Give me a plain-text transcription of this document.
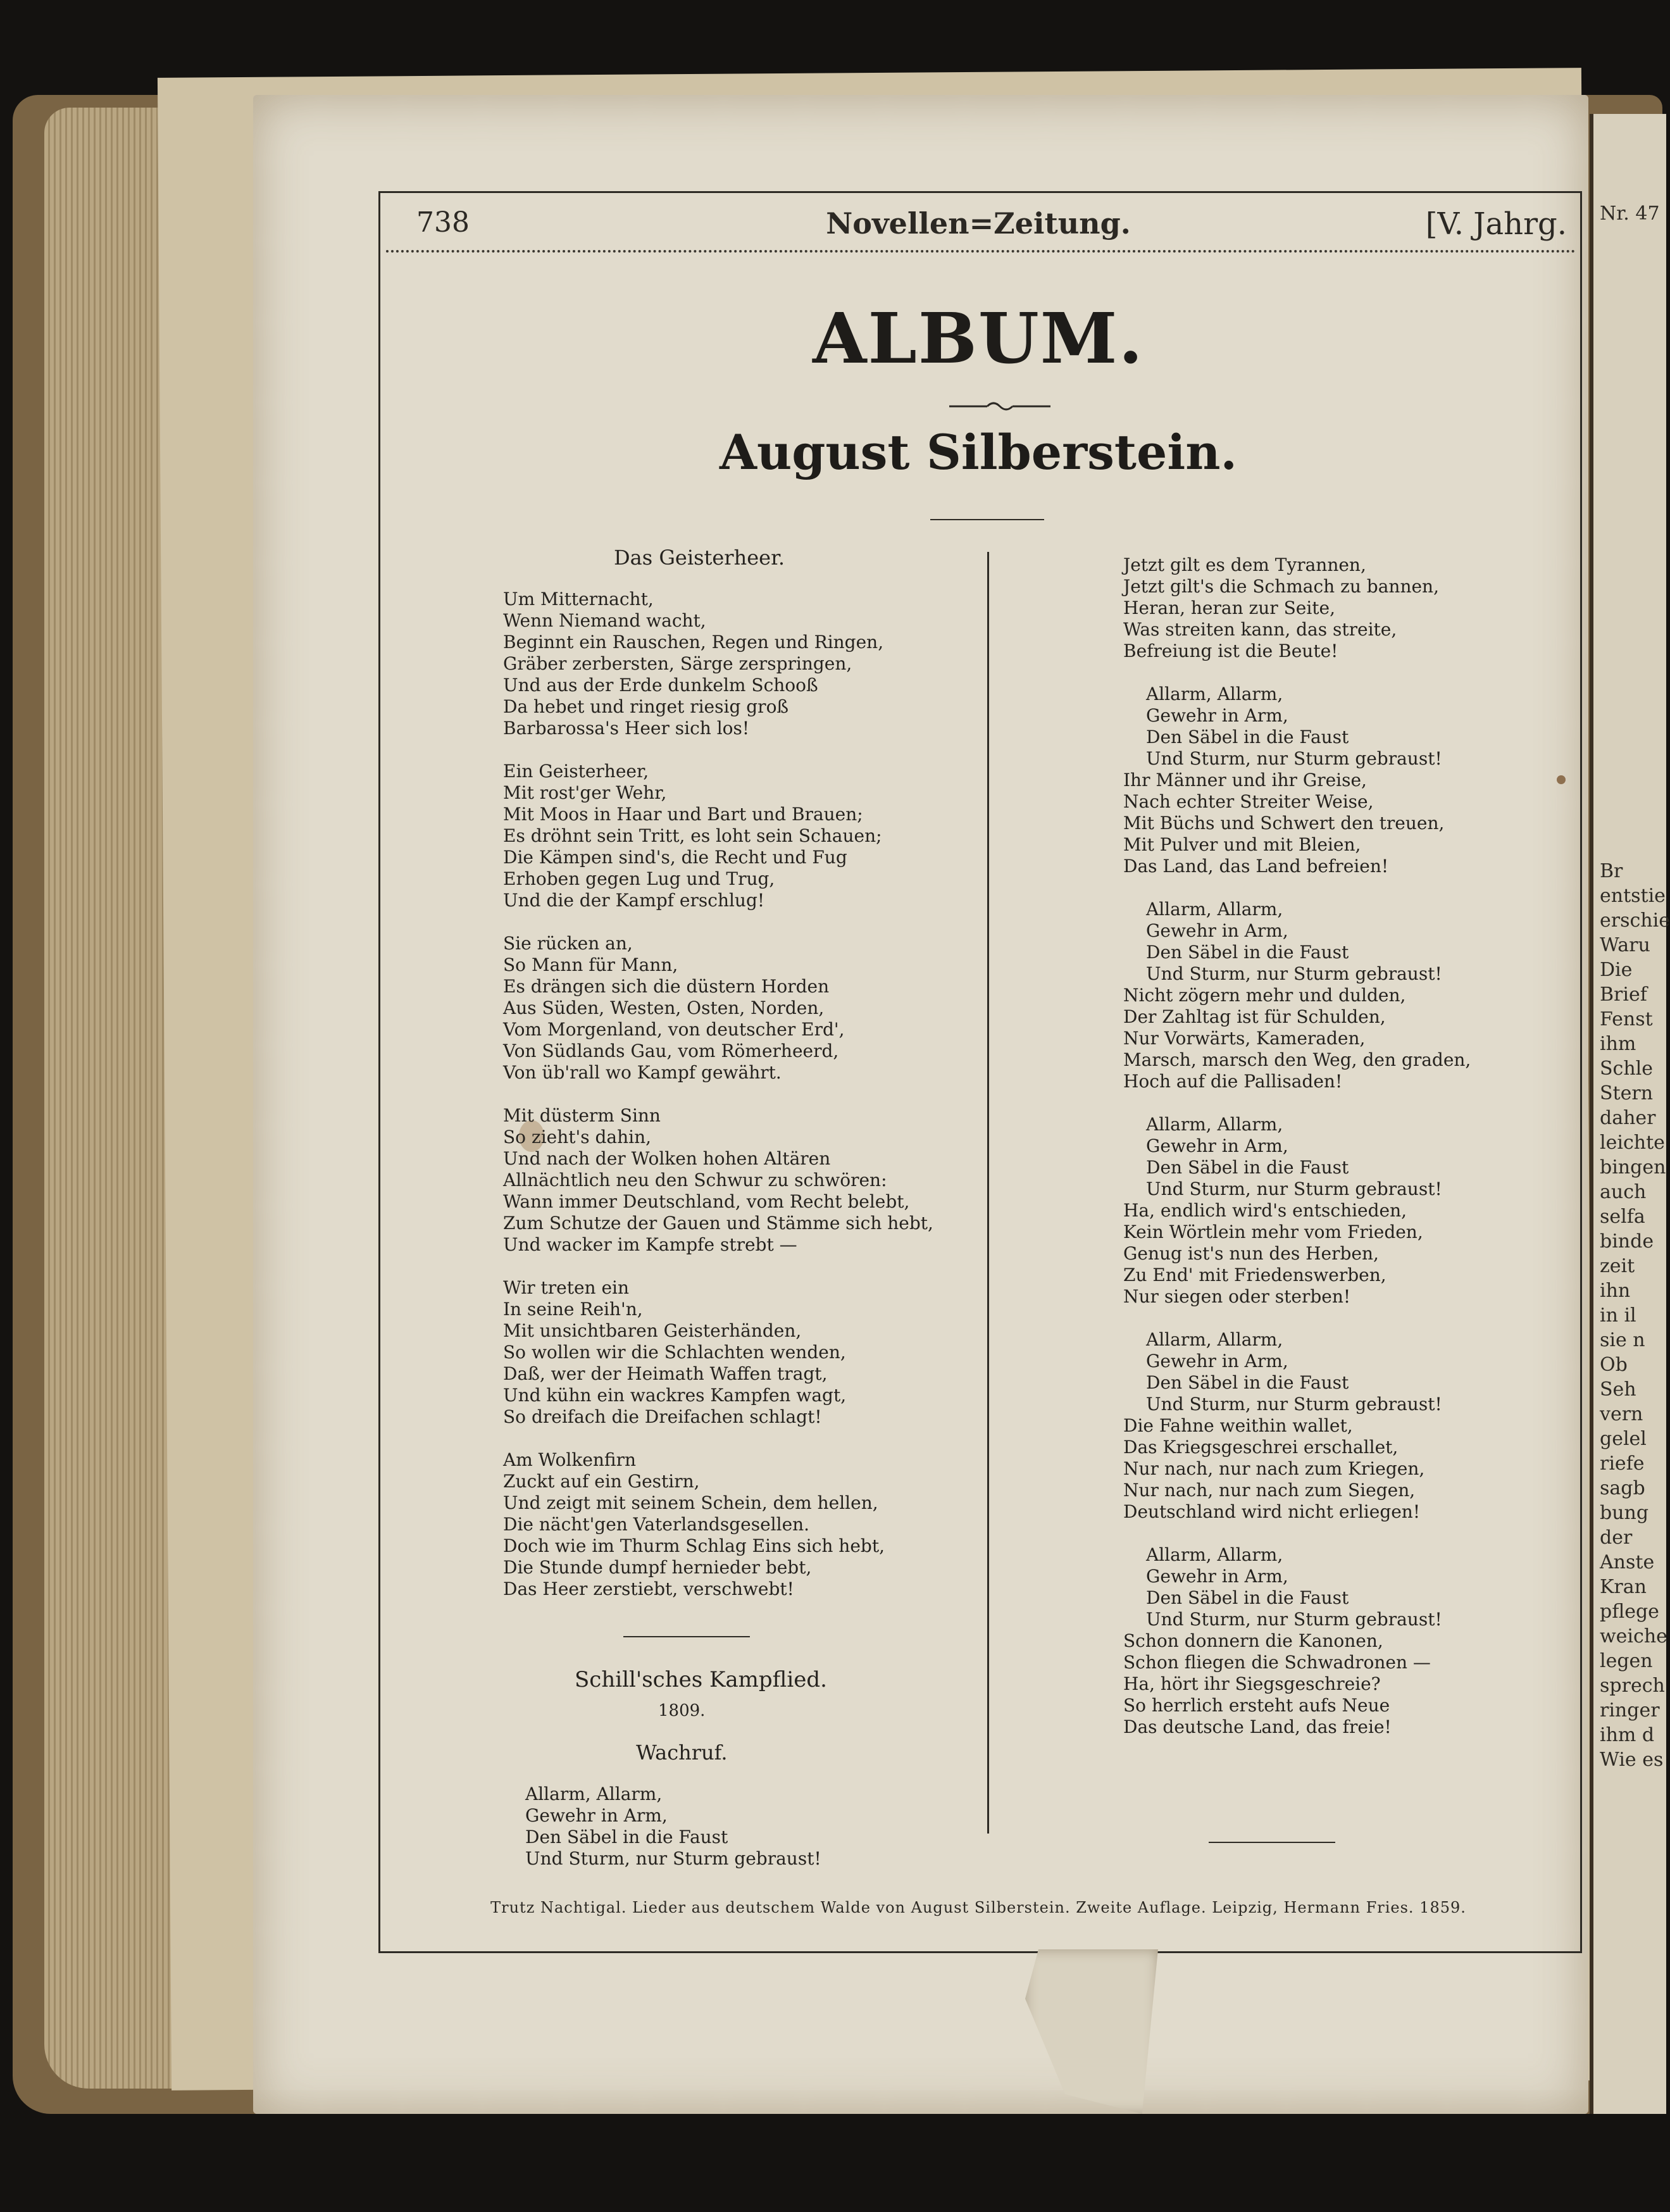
Nr. 47
Br
entstie
erschie
Waru
Die
Brief
Fenst
ihm
Schle
Stern
daher
leichte
bingen
auch
selfa
binde
zeit
ihn
in il
sie n
Ob
Seh
vern
gelel
riefe
sagb
bung
der
Anste
Kran
pflege
weiche
legen
sprech
ringer
ihm d
Wie es
738	Novellen=Zeitung.	[V. Jahrg.
ALBUM.
August Silberstein.
Das Geisterheer.
Um Mitternacht,
Wenn Niemand wacht,
Beginnt ein Rauschen, Regen und Ringen,
Gräber zerbersten, Särge zerspringen,
Und aus der Erde dunkelm Schooß
Da hebet und ringet riesig groß
Barbarossa's Heer sich los!
Ein Geisterheer,
Mit rost'ger Wehr,
Mit Moos in Haar und Bart und Brauen;
Es dröhnt sein Tritt, es loht sein Schauen;
Die Kämpen sind's, die Recht und Fug
Erhoben gegen Lug und Trug,
Und die der Kampf erschlug!
Sie rücken an,
So Mann für Mann,
Es drängen sich die düstern Horden
Aus Süden, Westen, Osten, Norden,
Vom Morgenland, von deutscher Erd',
Von Südlands Gau, vom Römerheerd,
Von üb'rall wo Kampf gewährt.
Mit düsterm Sinn
So zieht's dahin,
Und nach der Wolken hohen Altären
Allnächtlich neu den Schwur zu schwören:
Wann immer Deutschland, vom Recht belebt,
Zum Schutze der Gauen und Stämme sich hebt,
Und wacker im Kampfe strebt —
Wir treten ein
In seine Reih'n,
Mit unsichtbaren Geisterhänden,
So wollen wir die Schlachten wenden,
Daß, wer der Heimath Waffen tragt,
Und kühn ein wackres Kampfen wagt,
So dreifach die Dreifachen schlagt!
Am Wolkenfirn
Zuckt auf ein Gestirn,
Und zeigt mit seinem Schein, dem hellen,
Die nächt'gen Vaterlandsgesellen.
Doch wie im Thurm Schlag Eins sich hebt,
Die Stunde dumpf hernieder bebt,
Das Heer zerstiebt, verschwebt!
Schill'sches Kampflied.
1809.
Wachruf.
Allarm, Allarm,
Gewehr in Arm,
Den Säbel in die Faust
Und Sturm, nur Sturm gebraust!
Jetzt gilt es dem Tyrannen,
Jetzt gilt's die Schmach zu bannen,
Heran, heran zur Seite,
Was streiten kann, das streite,
Befreiung ist die Beute!
Allarm, Allarm,
Gewehr in Arm,
Den Säbel in die Faust
Und Sturm, nur Sturm gebraust!
Ihr Männer und ihr Greise,
Nach echter Streiter Weise,
Mit Büchs und Schwert den treuen,
Mit Pulver und mit Bleien,
Das Land, das Land befreien!
Allarm, Allarm,
Gewehr in Arm,
Den Säbel in die Faust
Und Sturm, nur Sturm gebraust!
Nicht zögern mehr und dulden,
Der Zahltag ist für Schulden,
Nur Vorwärts, Kameraden,
Marsch, marsch den Weg, den graden,
Hoch auf die Pallisaden!
Allarm, Allarm,
Gewehr in Arm,
Den Säbel in die Faust
Und Sturm, nur Sturm gebraust!
Ha, endlich wird's entschieden,
Kein Wörtlein mehr vom Frieden,
Genug ist's nun des Herben,
Zu End' mit Friedenswerben,
Nur siegen oder sterben!
Allarm, Allarm,
Gewehr in Arm,
Den Säbel in die Faust
Und Sturm, nur Sturm gebraust!
Die Fahne weithin wallet,
Das Kriegsgeschrei erschallet,
Nur nach, nur nach zum Kriegen,
Nur nach, nur nach zum Siegen,
Deutschland wird nicht erliegen!
Allarm, Allarm,
Gewehr in Arm,
Den Säbel in die Faust
Und Sturm, nur Sturm gebraust!
Schon donnern die Kanonen,
Schon fliegen die Schwadronen —
Ha, hört ihr Siegsgeschreie?
So herrlich ersteht aufs Neue
Das deutsche Land, das freie!
Trutz Nachtigal. Lieder aus deutschem Walde von August Silberstein. Zweite Auflage. Leipzig, Hermann Fries. 1859.
